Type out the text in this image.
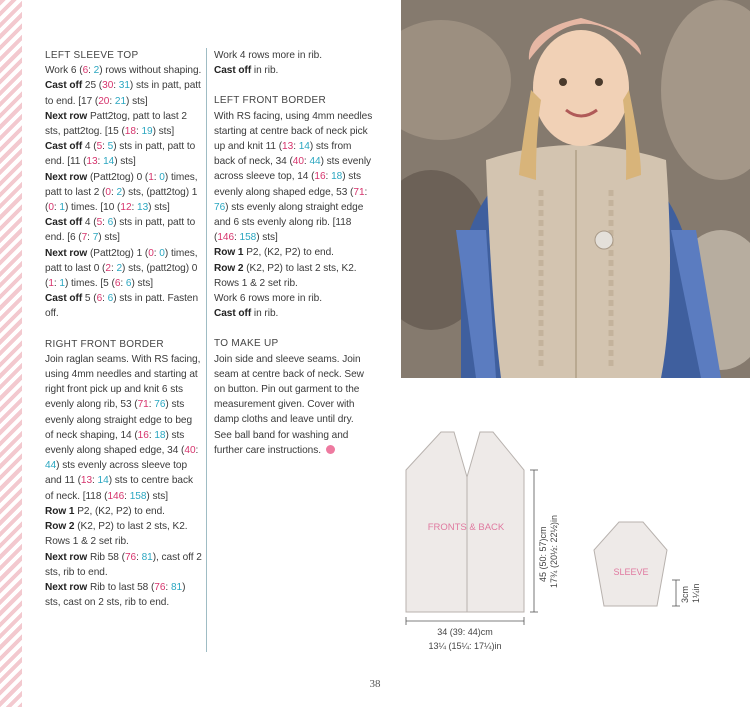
LEFT SLEEVE TOP
Work 6 (6: 2) rows without shaping.
Cast off 25 (30: 31) sts in patt, patt to end. [17 (20: 21) sts]
Next row Patt2tog, patt to last 2 sts, patt2tog. [15 (18: 19) sts]
Cast off 4 (5: 5) sts in patt, patt to end. [11 (13: 14) sts]
Next row (Patt2tog) 0 (1: 0) times, patt to last 2 (0: 2) sts, (patt2tog) 1 (0: 1) times. [10 (12: 13) sts]
Cast off 4 (5: 6) sts in patt, patt to end. [6 (7: 7) sts]
Next row (Patt2tog) 1 (0: 0) times, patt to last 0 (2: 2) sts, (patt2tog) 0 (1: 1) times. [5 (6: 6) sts]
Cast off 5 (6: 6) sts in patt. Fasten off.
RIGHT FRONT BORDER
Join raglan seams. With RS facing, using 4mm needles and starting at right front pick up and knit 6 sts evenly along rib, 53 (71: 76) sts evenly along straight edge to beg of neck shaping, 14 (16: 18) sts evenly along shaped edge, 34 (40: 44) sts evenly across sleeve top and 11 (13: 14) sts to centre back of neck. [118 (146: 158) sts]
Row 1 P2, (K2, P2) to end.
Row 2 (K2, P2) to last 2 sts, K2.
Rows 1 & 2 set rib.
Next row Rib 58 (76: 81), cast off 2 sts, rib to end.
Next row Rib to last 58 (76: 81) sts, cast on 2 sts, rib to end.
Work 4 rows more in rib.
Cast off in rib.
LEFT FRONT BORDER
With RS facing, using 4mm needles starting at centre back of neck pick up and knit 11 (13: 14) sts from back of neck, 34 (40: 44) sts evenly across sleeve top, 14 (16: 18) sts evenly along shaped edge, 53 (71: 76) sts evenly along straight edge and 6 sts evenly along rib. [118 (146: 158) sts]
Row 1 P2, (K2, P2) to end.
Row 2 (K2, P2) to last 2 sts, K2.
Rows 1 & 2 set rib.
Work 6 rows more in rib.
Cast off in rib.
TO MAKE UP
Join side and sleeve seams. Join seam at centre back of neck. Sew on button. Pin out garment to the measurement given. Cover with damp cloths and leave until dry. See ball band for washing and further care instructions.
FRONTS & BACK	45 (50: 57)cm 17¾ (20½: 22½)in
34 (39: 44)cm
13¼ (15¼: 17¼)in
SLEEVE
3cm 1¼in
38
